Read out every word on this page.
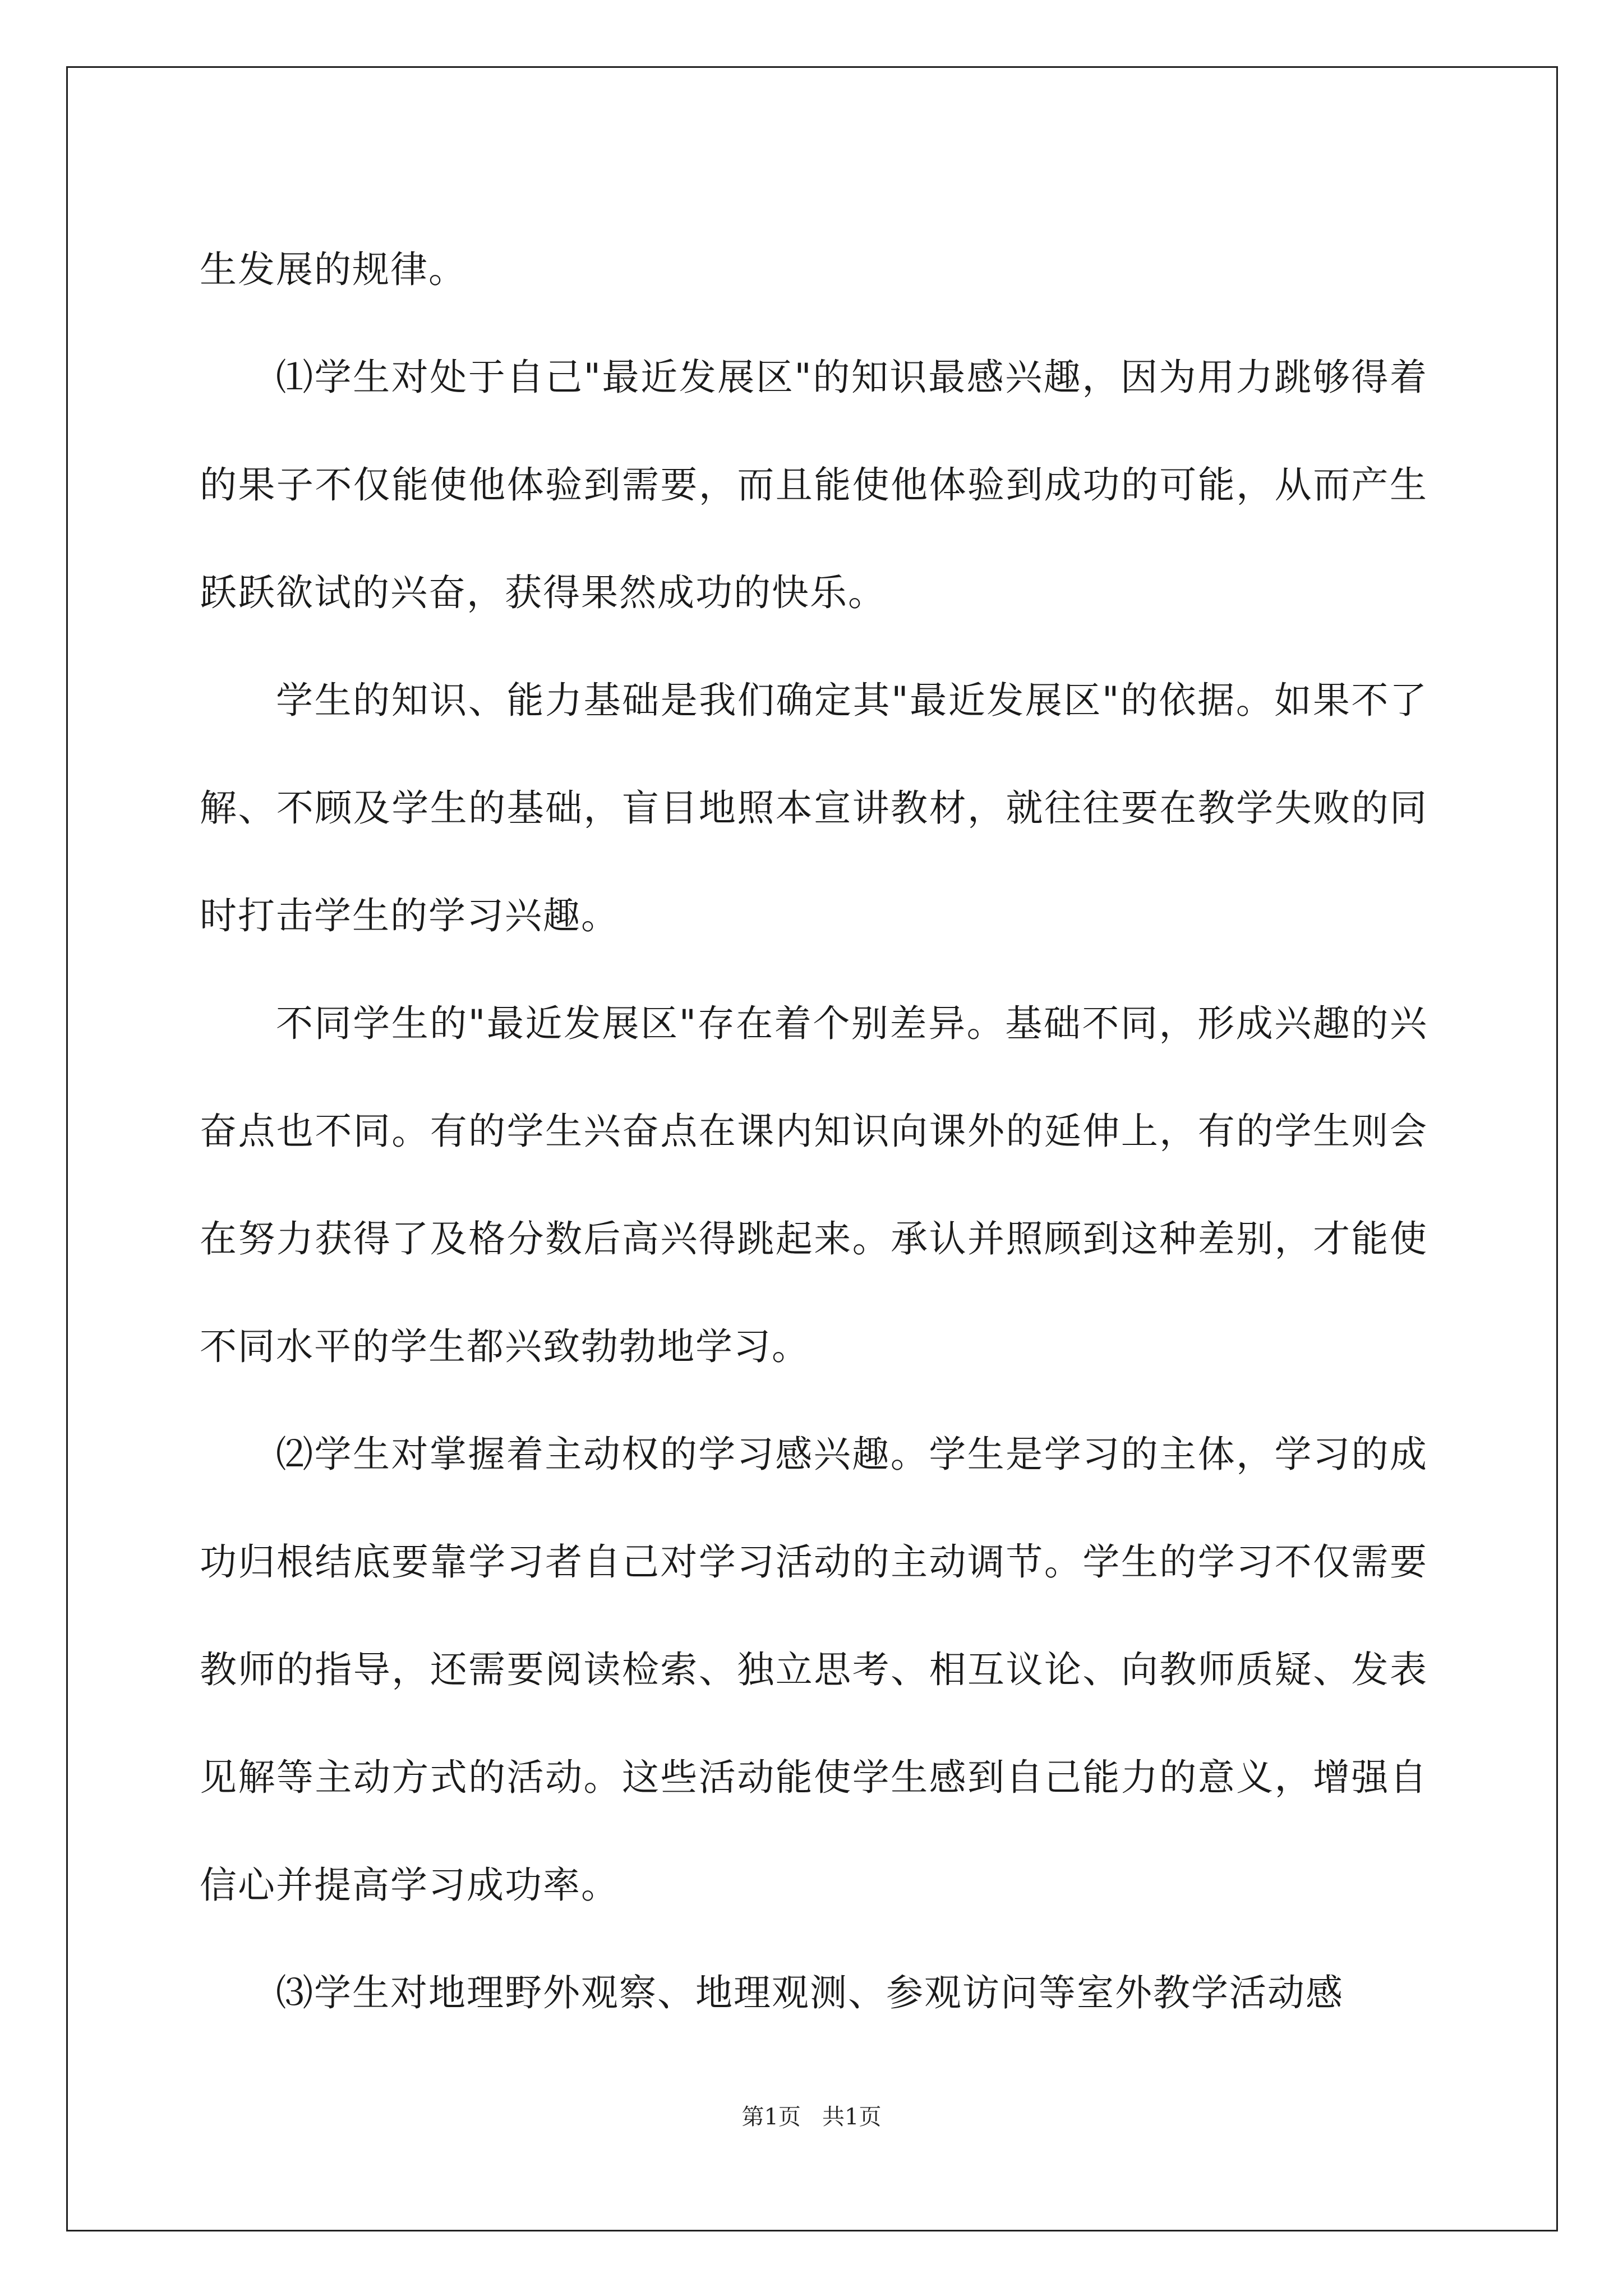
生发展的规律。

⑴学生对处于自己"最近发展区"的知识最感兴趣，因为用力跳够得着的果子不仅能使他体验到需要，而且能使他体验到成功的可能，从而产生跃跃欲试的兴奋，获得果然成功的快乐。

学生的知识、能力基础是我们确定其"最近发展区"的依据。如果不了解、不顾及学生的基础，盲目地照本宣讲教材，就往往要在教学失败的同时打击学生的学习兴趣。

不同学生的"最近发展区"存在着个别差异。基础不同，形成兴趣的兴奋点也不同。有的学生兴奋点在课内知识向课外的延伸上，有的学生则会在努力获得了及格分数后高兴得跳起来。承认并照顾到这种差别，才能使不同水平的学生都兴致勃勃地学习。

⑵学生对掌握着主动权的学习感兴趣。学生是学习的主体，学习的成功归根结底要靠学习者自己对学习活动的主动调节。学生的学习不仅需要教师的指导，还需要阅读检索、独立思考、相互议论、向教师质疑、发表见解等主动方式的活动。这些活动能使学生感到自己能力的意义，增强自信心并提高学习成功率。

⑶学生对地理野外观察、地理观测、参观访问等室外教学活动感

第1页   共1页
